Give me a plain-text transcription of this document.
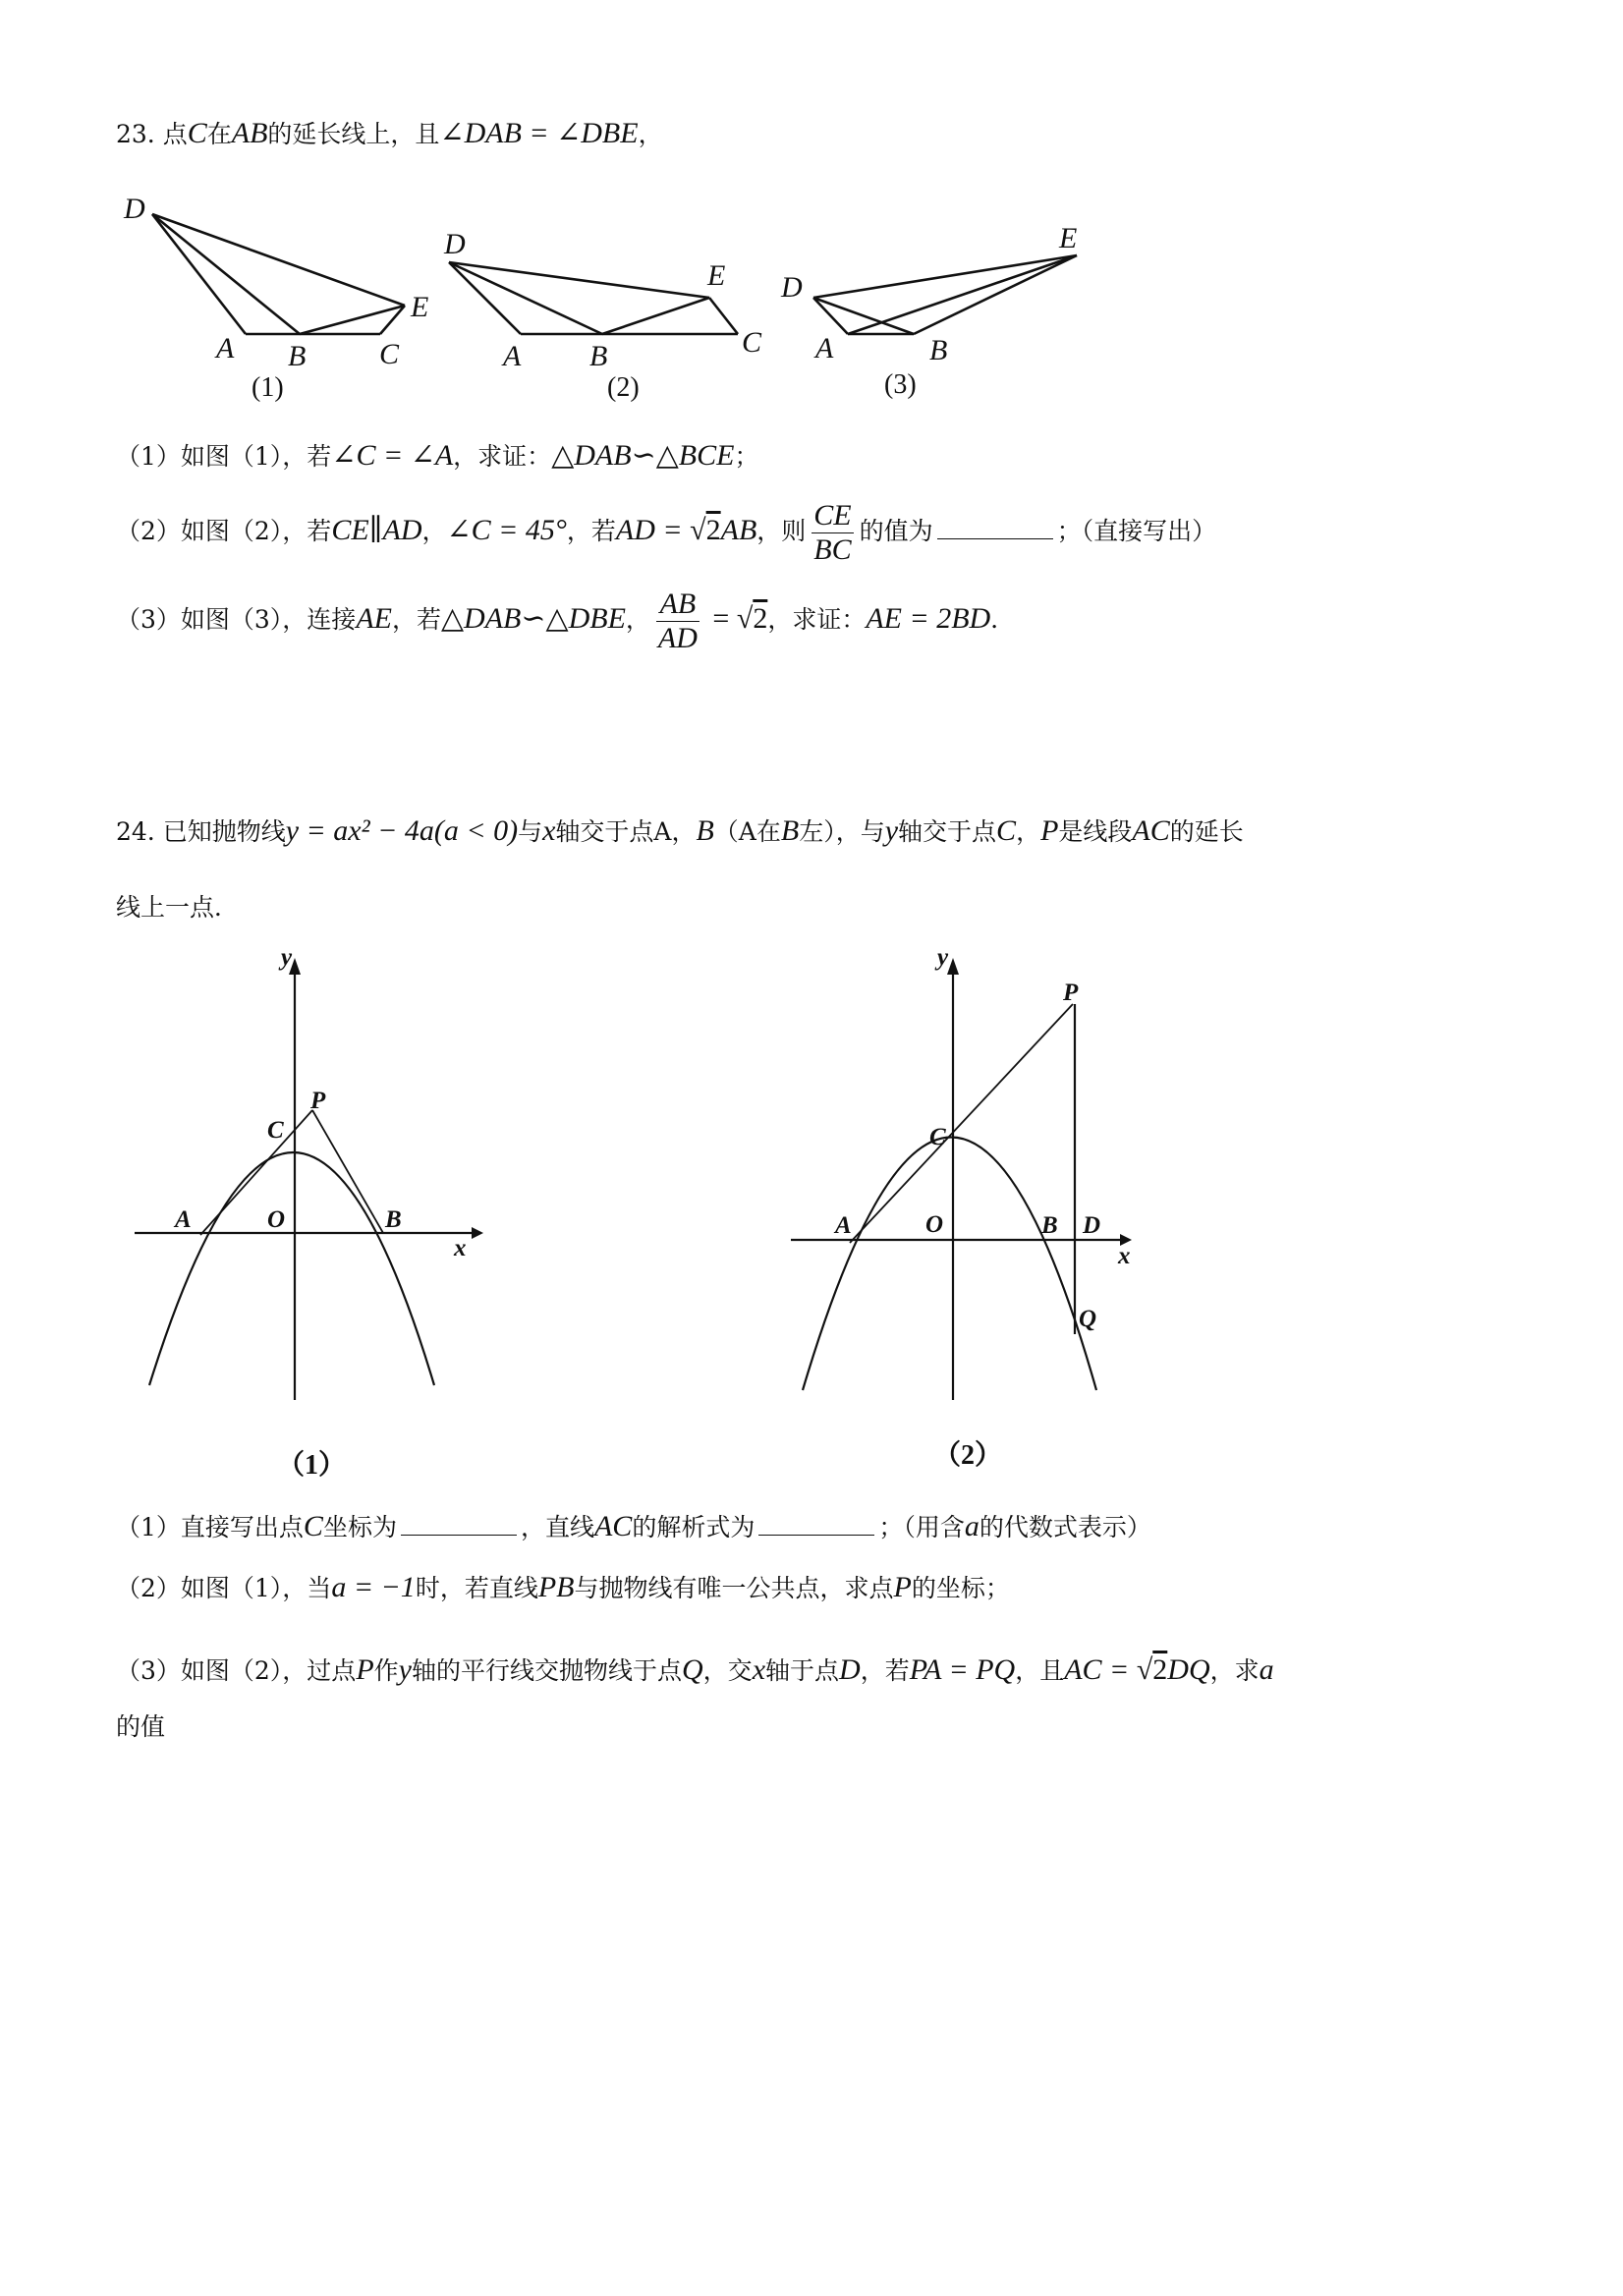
23. 点C在AB的延长线上，且∠DAB = ∠DBE，
D
A B C
E
(1)
D
A B
E
C
(2)
D
A	B
E
(3)
（1）如图（1），若∠C = ∠A，求证：△DAB∽△BCE；
（2）如图（2），若CE∥AD，∠C = 45°，若AD = √2AB，则 $\frac{CE}{BC}$ 的值为	；（直接写出）
（3）如图（3），连接AE，若△DAB∽△DBE， $\frac{AB}{AD} = √2$，求证：AE = 2BD．
24. 已知抛物线y = ax² − 4a(a < 0)与x轴交于点A，B（A在B左），与y轴交于点C，P是线段AC的延长
线上一点．
y
C
P
A	O	B
x
（1）
y
P
C
A	O	B D
x
Q
（2）
（1）直接写出点C坐标为	，直线AC的解析式为	；（用含a的代数式表示）
（2）如图（1），当a = −1时，若直线PB与抛物线有唯一公共点，求点P的坐标；
（3）如图（2），过点P作y轴的平行线交抛物线于点Q，交x轴于点D，若PA = PQ，且AC = √2DQ，求a
的值
